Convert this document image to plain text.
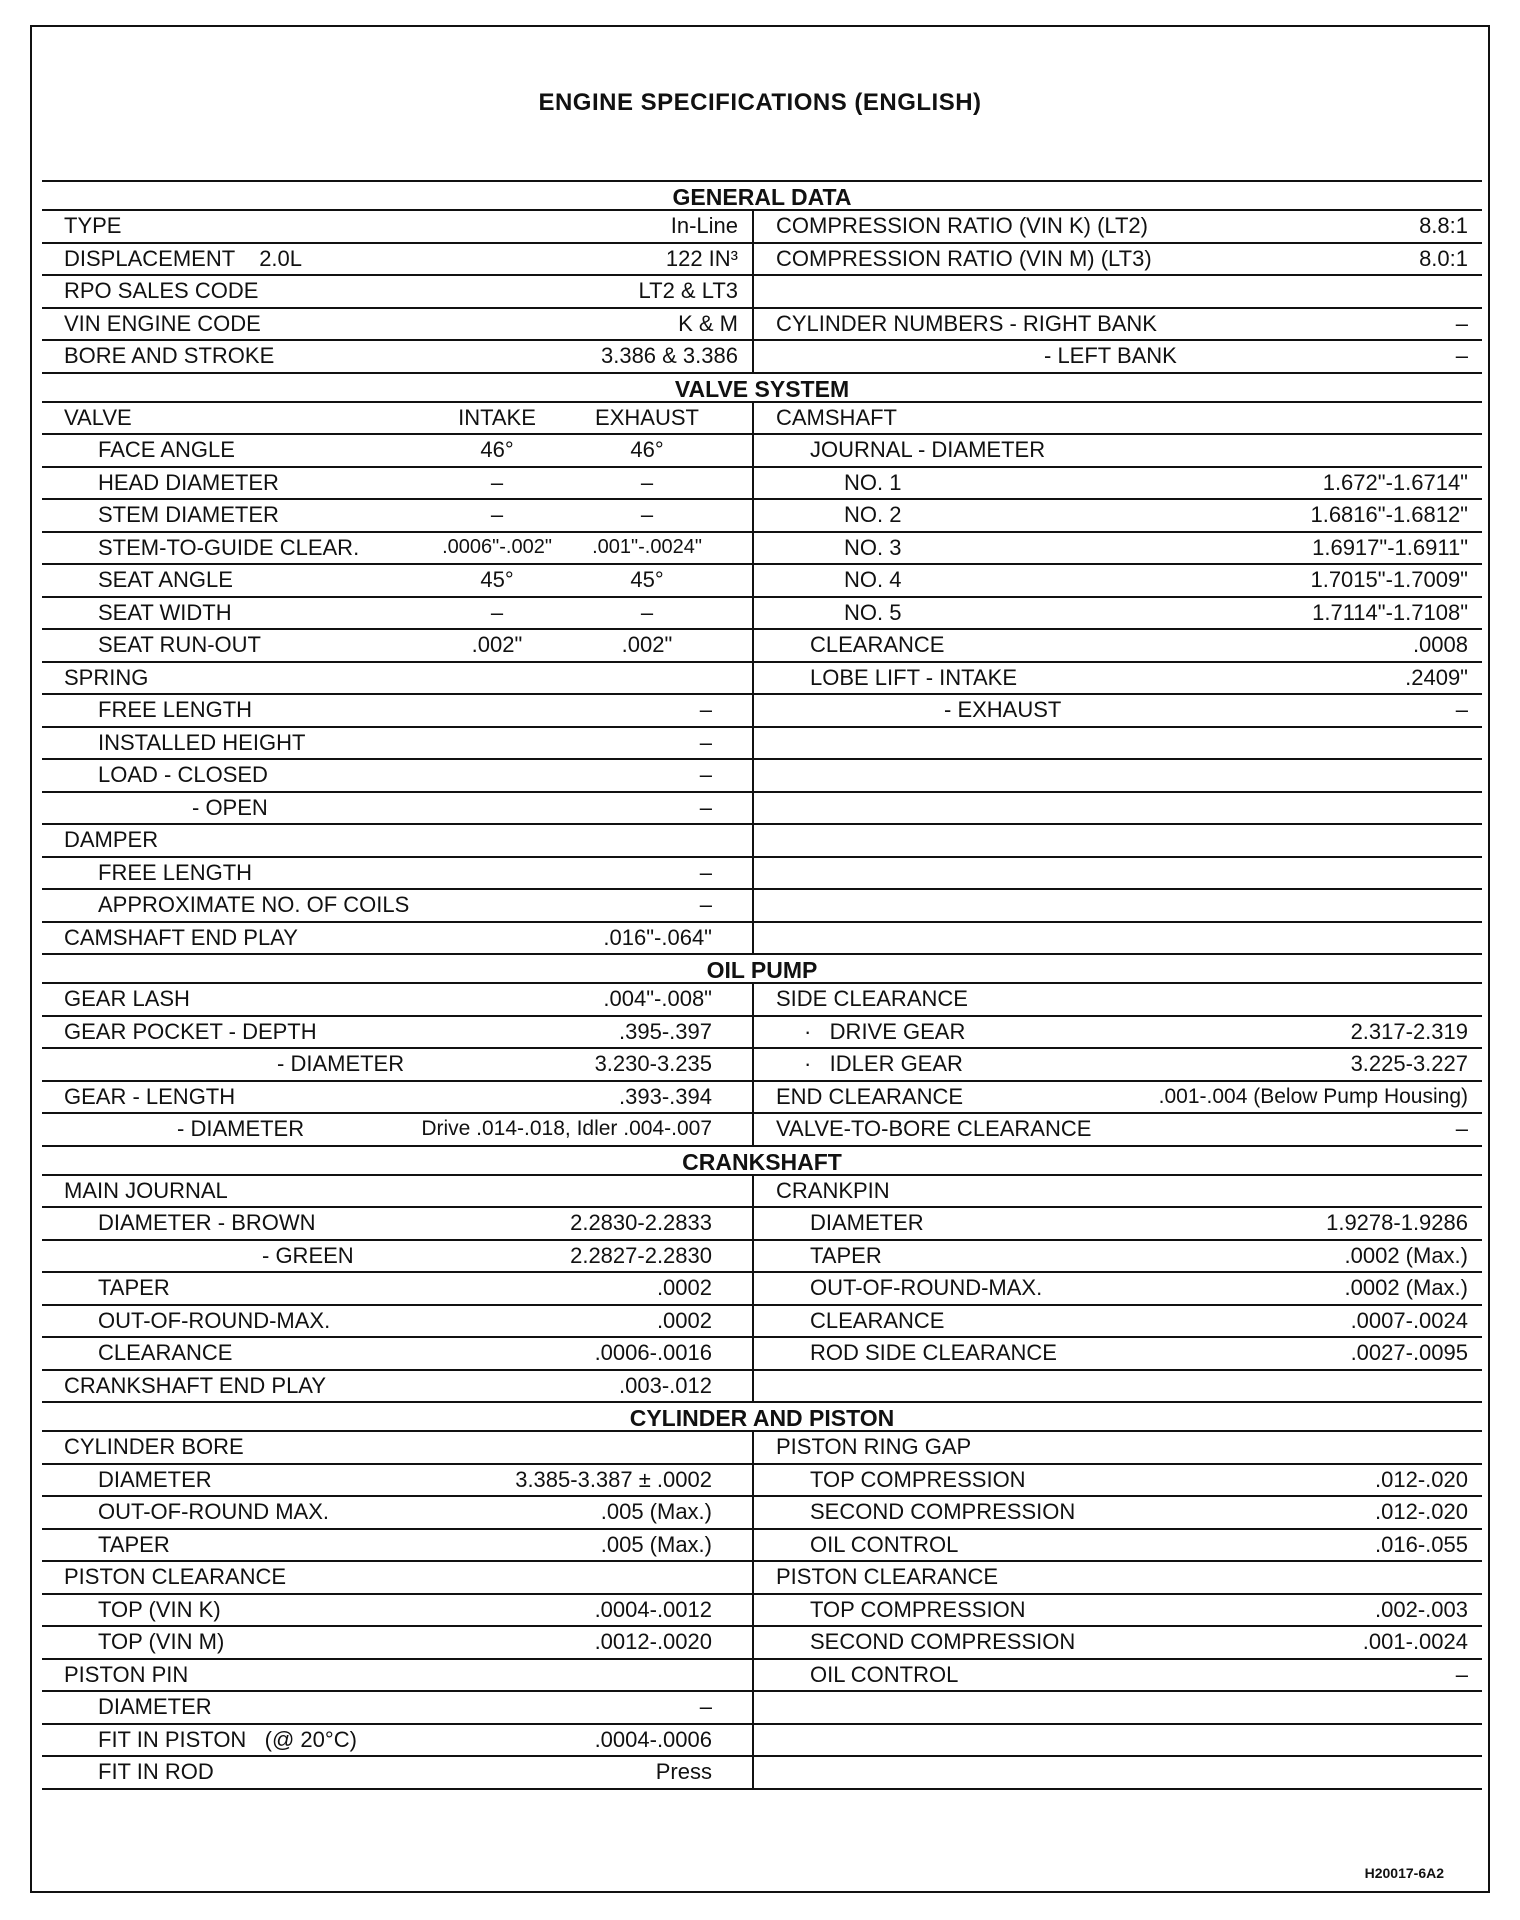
ENGINE SPECIFICATIONS (ENGLISH)
GENERAL DATA
TYPE	In-Line
DISPLACEMENT    2.0L	122 IN³
RPO SALES CODE	LT2 & LT3
VIN ENGINE CODE	K & M
BORE AND STROKE	3.386 & 3.386
COMPRESSION RATIO (VIN K) (LT2)	8.8:1
COMPRESSION RATIO (VIN M) (LT3)	8.0:1
CYLINDER NUMBERS - RIGHT BANK	–
- LEFT BANK	–
VALVE SYSTEM
VALVE	INTAKE	EXHAUST
FACE ANGLE	46°	46°
HEAD DIAMETER	–	–
STEM DIAMETER	–	–
STEM-TO-GUIDE CLEAR.	.0006"-.002"	.001"-.0024"
SEAT ANGLE	45°	45°
SEAT WIDTH	–	–
SEAT RUN-OUT	.002"	.002"
SPRING
FREE LENGTH	–
INSTALLED HEIGHT	–
LOAD - CLOSED	–
- OPEN	–
DAMPER
FREE LENGTH	–
APPROXIMATE NO. OF COILS	–
CAMSHAFT END PLAY	.016"-.064"
CAMSHAFT
JOURNAL - DIAMETER
NO. 1	1.672"-1.6714"
NO. 2	1.6816"-1.6812"
NO. 3	1.6917"-1.6911"
NO. 4	1.7015"-1.7009"
NO. 5	1.7114"-1.7108"
CLEARANCE	.0008
LOBE LIFT - INTAKE	.2409"
- EXHAUST	–
OIL PUMP
GEAR LASH	.004"-.008"
GEAR POCKET - DEPTH	.395-.397
- DIAMETER	3.230-3.235
GEAR - LENGTH	.393-.394
- DIAMETER	Drive .014-.018, Idler .004-.007
SIDE CLEARANCE
·   DRIVE GEAR	2.317-2.319
·   IDLER GEAR	3.225-3.227
END CLEARANCE	.001-.004 (Below Pump Housing)
VALVE-TO-BORE CLEARANCE	–
CRANKSHAFT
MAIN JOURNAL
DIAMETER - BROWN	2.2830-2.2833
- GREEN	2.2827-2.2830
TAPER	.0002
OUT-OF-ROUND-MAX.	.0002
CLEARANCE	.0006-.0016
CRANKSHAFT END PLAY	.003-.012
CRANKPIN
DIAMETER	1.9278-1.9286
TAPER	.0002 (Max.)
OUT-OF-ROUND-MAX.	.0002 (Max.)
CLEARANCE	.0007-.0024
ROD SIDE CLEARANCE	.0027-.0095
CYLINDER AND PISTON
CYLINDER BORE
DIAMETER	3.385-3.387 ± .0002
OUT-OF-ROUND MAX.	.005 (Max.)
TAPER	.005 (Max.)
PISTON CLEARANCE
TOP (VIN K)	.0004-.0012
TOP (VIN M)	.0012-.0020
PISTON PIN
DIAMETER	–
FIT IN PISTON   (@ 20°C)	.0004-.0006
FIT IN ROD	Press
PISTON RING GAP
TOP COMPRESSION	.012-.020
SECOND COMPRESSION	.012-.020
OIL CONTROL	.016-.055
PISTON CLEARANCE
TOP COMPRESSION	.002-.003
SECOND COMPRESSION	.001-.0024
OIL CONTROL	–
H20017-6A2
